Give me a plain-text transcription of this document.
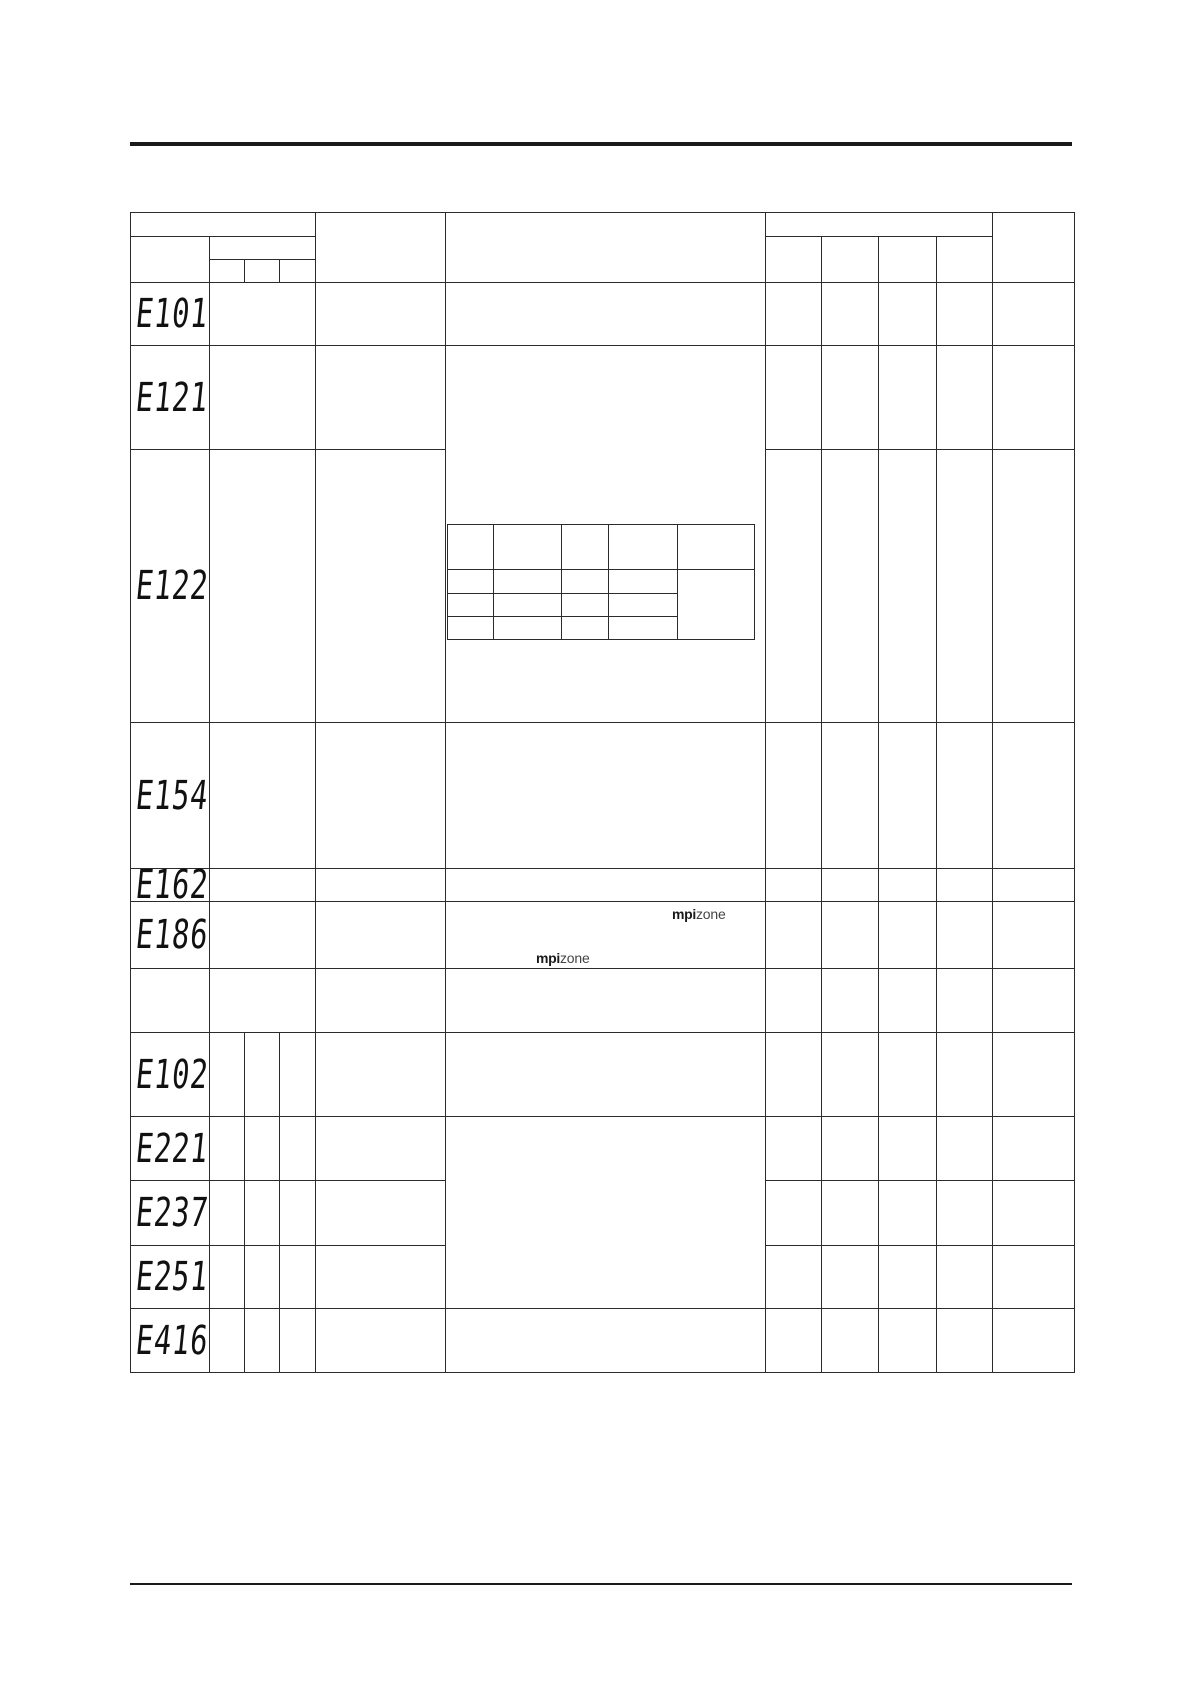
E101								
E121			

E122							
E154								
E162								
E186			mpizone
mpizone

E102										
E221										
E237									
E251									
E416										
